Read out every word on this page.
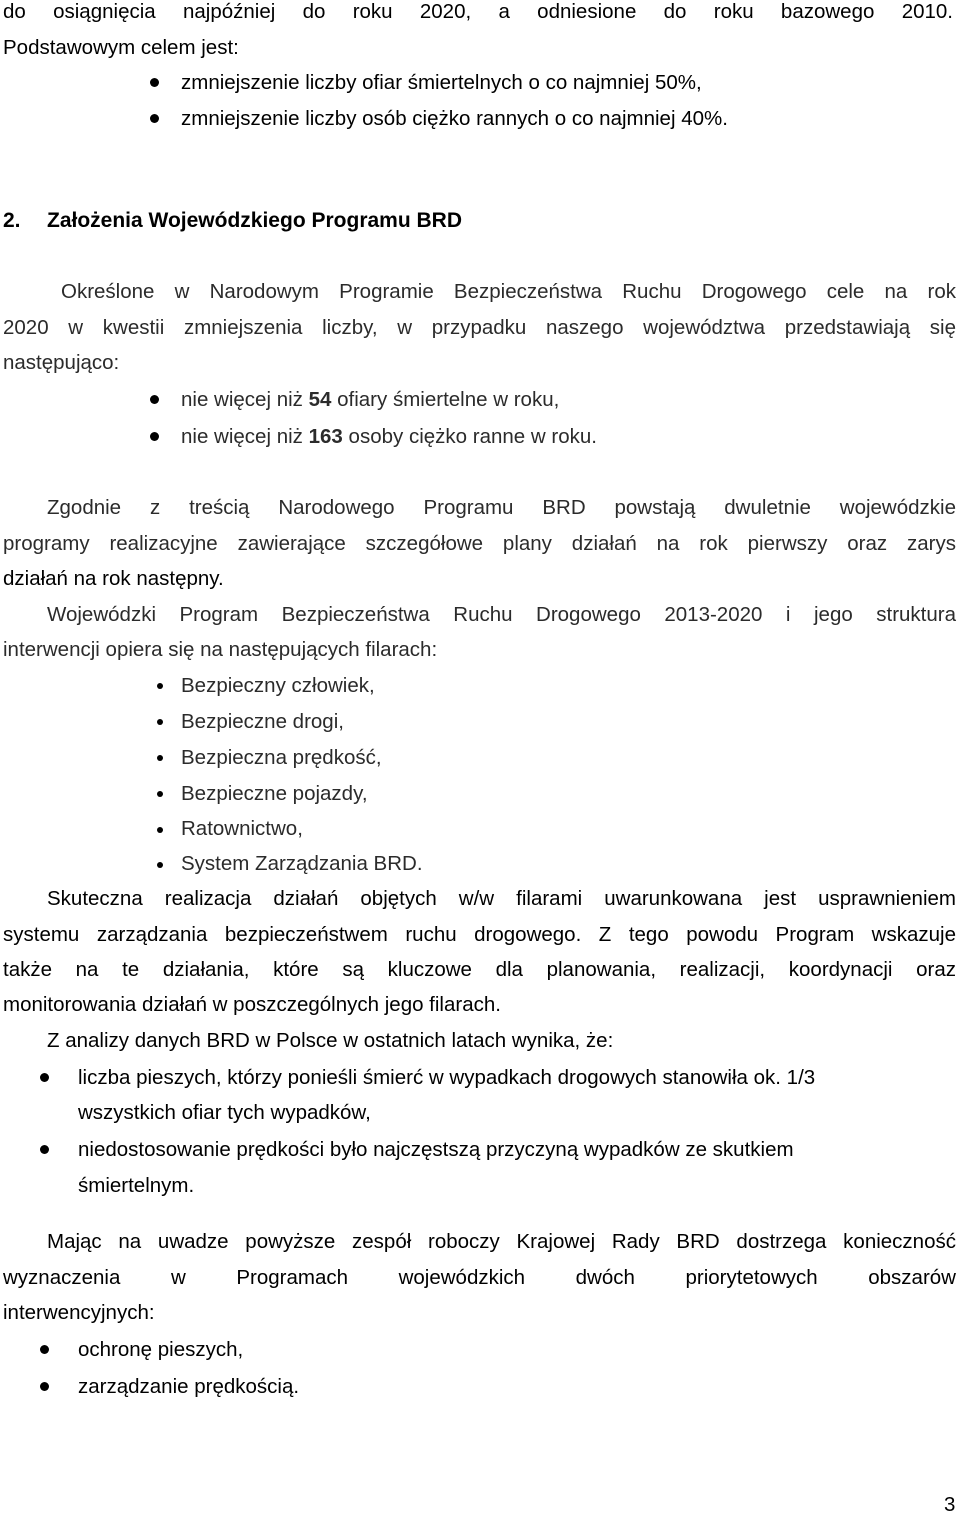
do osiągnięcia najpóźniej do roku 2020, a odniesione do roku bazowego 2010.
Podstawowym celem jest:
zmniejszenie liczby ofiar śmiertelnych o co najmniej 50%,
zmniejszenie liczby osób ciężko rannych o co najmniej 40%.
2. Założenia Wojewódzkiego Programu BRD
Określone w Narodowym Programie Bezpieczeństwa Ruchu Drogowego cele na rok
2020 w kwestii zmniejszenia liczby, w przypadku naszego województwa przedstawiają się
następująco:
nie więcej niż 54 ofiary śmiertelne w roku,
nie więcej niż 163 osoby ciężko ranne w roku.
Zgodnie z treścią Narodowego Programu BRD powstają dwuletnie wojewódzkie
programy realizacyjne zawierające szczegółowe plany działań na rok pierwszy oraz zarys
działań na rok następny.
Wojewódzki Program Bezpieczeństwa Ruchu Drogowego 2013-2020 i jego struktura
interwencji opiera się na następujących filarach:
Bezpieczny człowiek,
Bezpieczne drogi,
Bezpieczna prędkość,
Bezpieczne pojazdy,
Ratownictwo,
System Zarządzania BRD.
Skuteczna realizacja działań objętych w/w filarami uwarunkowana jest usprawnieniem
systemu zarządzania bezpieczeństwem ruchu drogowego. Z tego powodu Program wskazuje
także na te działania, które są kluczowe dla planowania, realizacji, koordynacji oraz
monitorowania działań w poszczególnych jego filarach.
Z analizy danych BRD w Polsce w ostatnich latach wynika, że:
liczba pieszych, którzy ponieśli śmierć w wypadkach drogowych stanowiła ok. 1/3
wszystkich ofiar tych wypadków,
niedostosowanie prędkości było najczęstszą przyczyną wypadków ze skutkiem
śmiertelnym.
Mając na uwadze powyższe zespół roboczy Krajowej Rady BRD dostrzega konieczność
wyznaczenia w Programach wojewódzkich dwóch priorytetowych obszarów
interwencyjnych:
ochronę pieszych,
zarządzanie prędkością.
3
